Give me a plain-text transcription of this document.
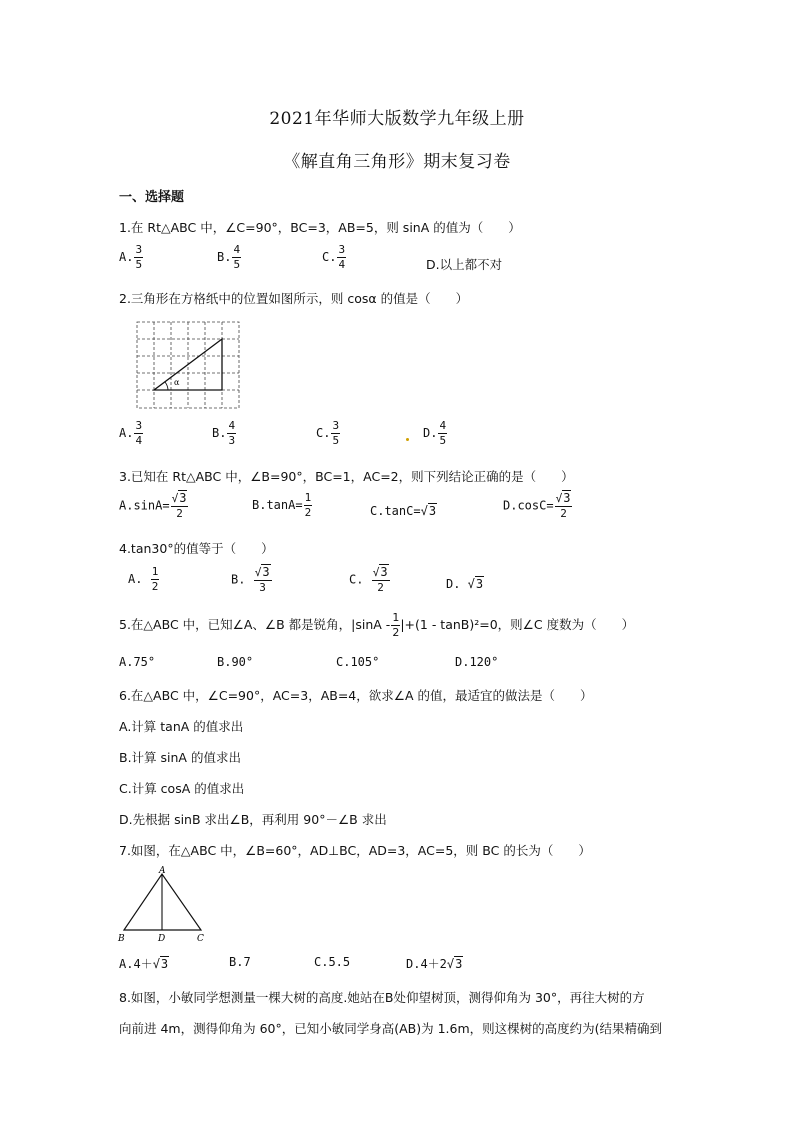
2021年华师大版数学九年级上册
《解直角三角形》期末复习卷
一、选择题
1.在 Rt△ABC 中，∠C=90°，BC=3，AB=5，则 sinA 的值为（　　）
A. $\frac{3}{5}$	B. $\frac{4}{5}$	C. $\frac{3}{4}$	D.以上都不对
2.三角形在方格纸中的位置如图所示，则 cosα 的值是（　　）
α
A. $\frac{3}{4}$	B. $\frac{4}{3}$	C. $\frac{3}{5}$	D. $\frac{4}{5}$
3.已知在 Rt△ABC 中，∠B=90°，BC=1，AC=2，则下列结论正确的是（　　）
$A.\sin A= \frac{√3}{2}$	$B.\tan A= \frac{1}{2}$	C.tanC=√3	$D.\cos C= \frac{√3}{2}$
4.tan30°的值等于（　　）
A. $\frac{1}{2}$	B. $\frac{√3}{3}$	C. $\frac{√3}{2}$	D. √3
5.在△ABC 中，已知∠A、∠B 都是锐角，$|\sin A - \frac{1}{2} |+(1 - \tan B)^2=0$，则∠C 度数为（　　）
A.75°	B.90°	C.105°	D.120°
6.在△ABC 中，∠C=90°，AC=3，AB=4，欲求∠A 的值，最适宜的做法是（　　）
A.计算 tanA 的值求出
B.计算 sinA 的值求出
C.计算 cosA 的值求出
D.先根据 sinB 求出∠B，再利用 90°－∠B 求出
7.如图，在△ABC 中，∠B=60°，AD⊥BC，AD=3，AC=5，则 BC 的长为（　　）
A
B	D	C
A.4＋√3	B.7	C.5.5	D.4＋2√3
8.如图，小敏同学想测量一棵大树的高度.她站在B处仰望树顶，测得仰角为 30°，再往大树的方
向前进 4m，测得仰角为 60°，已知小敏同学身高(AB)为 1.6m，则这棵树的高度约为(结果精确到
